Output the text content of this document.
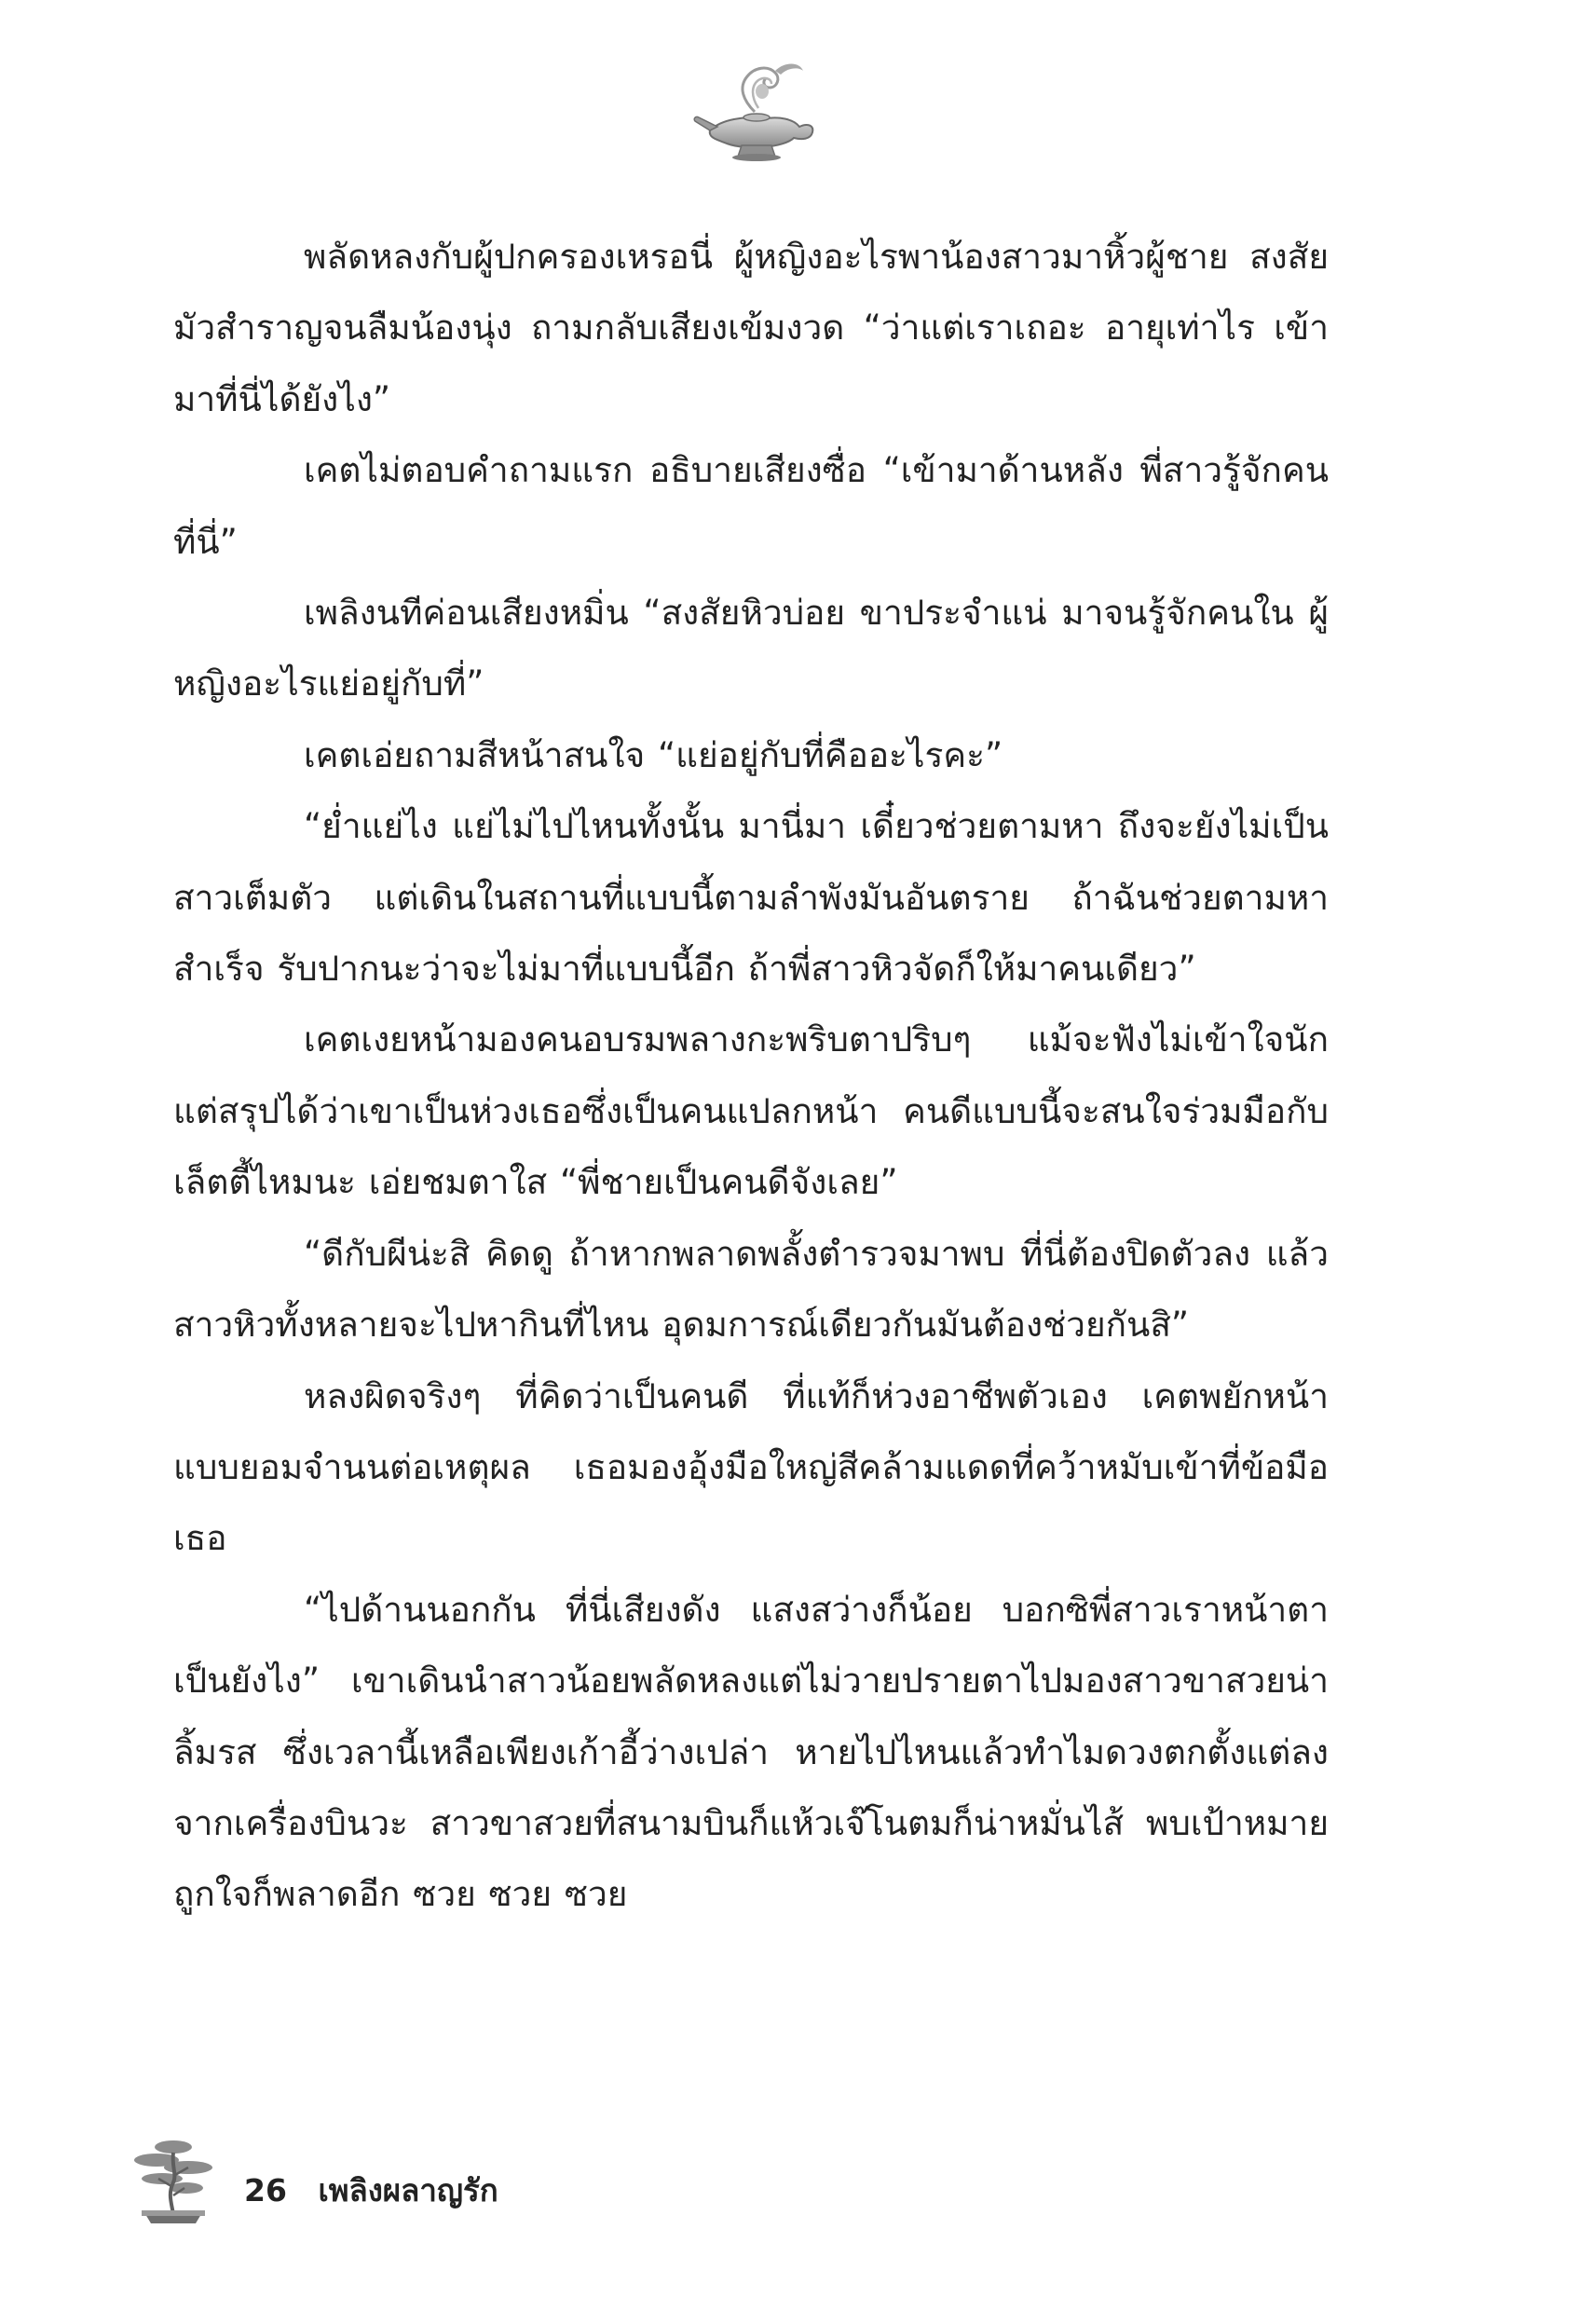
พลัดหลงกับผู้ปกครองเหรอนี่ ผู้หญิงอะไรพาน้องสาวมาหิ้วผู้ชาย สงสัยมัวสำราญจนลืมน้องนุ่ง ถามกลับเสียงเข้มงวด “ว่าแต่เราเถอะ อายุเท่าไร เข้ามาที่นี่ได้ยังไง”

เคตไม่ตอบคำถามแรก อธิบายเสียงซื่อ “เข้ามาด้านหลัง พี่สาวรู้จักคนที่นี่”

เพลิงนทีค่อนเสียงหมิ่น “สงสัยหิวบ่อย ขาประจำแน่ มาจนรู้จักคนใน ผู้หญิงอะไรแย่อยู่กับที่”

เคตเอ่ยถามสีหน้าสนใจ “แย่อยู่กับที่คืออะไรคะ”

“ย่ำแย่ไง แย่ไม่ไปไหนทั้งนั้น มานี่มา เดี๋ยวช่วยตามหา ถึงจะยังไม่เป็นสาวเต็มตัว แต่เดินในสถานที่แบบนี้ตามลำพังมันอันตราย ถ้าฉันช่วยตามหาสำเร็จ รับปากนะว่าจะไม่มาที่แบบนี้อีก ถ้าพี่สาวหิวจัดก็ให้มาคนเดียว”

เคตเงยหน้ามองคนอบรมพลางกะพริบตาปริบๆ แม้จะฟังไม่เข้าใจนัก แต่สรุปได้ว่าเขาเป็นห่วงเธอซึ่งเป็นคนแปลกหน้า คนดีแบบนี้จะสนใจร่วมมือกับเล็ตตี้ไหมนะ เอ่ยชมตาใส “พี่ชายเป็นคนดีจังเลย”

“ดีกับผีน่ะสิ คิดดู ถ้าหากพลาดพลั้งตำรวจมาพบ ที่นี่ต้องปิดตัวลง แล้วสาวหิวทั้งหลายจะไปหากินที่ไหน อุดมการณ์เดียวกันมันต้องช่วยกันสิ”

หลงผิดจริงๆ ที่คิดว่าเป็นคนดี ที่แท้ก็ห่วงอาชีพตัวเอง เคตพยักหน้าแบบยอมจำนนต่อเหตุผล เธอมองอุ้งมือใหญ่สีคล้ามแดดที่คว้าหมับเข้าที่ข้อมือเธอ

“ไปด้านนอกกัน ที่นี่เสียงดัง แสงสว่างก็น้อย บอกซิพี่สาวเราหน้าตาเป็นยังไง” เขาเดินนำสาวน้อยพลัดหลงแต่ไม่วายปรายตาไปมองสาวขาสวยน่าลิ้มรส ซึ่งเวลานี้เหลือเพียงเก้าอี้ว่างเปล่า หายไปไหนแล้วทำไมดวงตกตั้งแต่ลงจากเครื่องบินวะ สาวขาสวยที่สนามบินก็แห้วเจ๊โนตมก็น่าหมั่นไส้ พบเป้าหมายถูกใจก็พลาดอีก ซวย ซวย ซวย

26 เพลิงผลาญรัก
